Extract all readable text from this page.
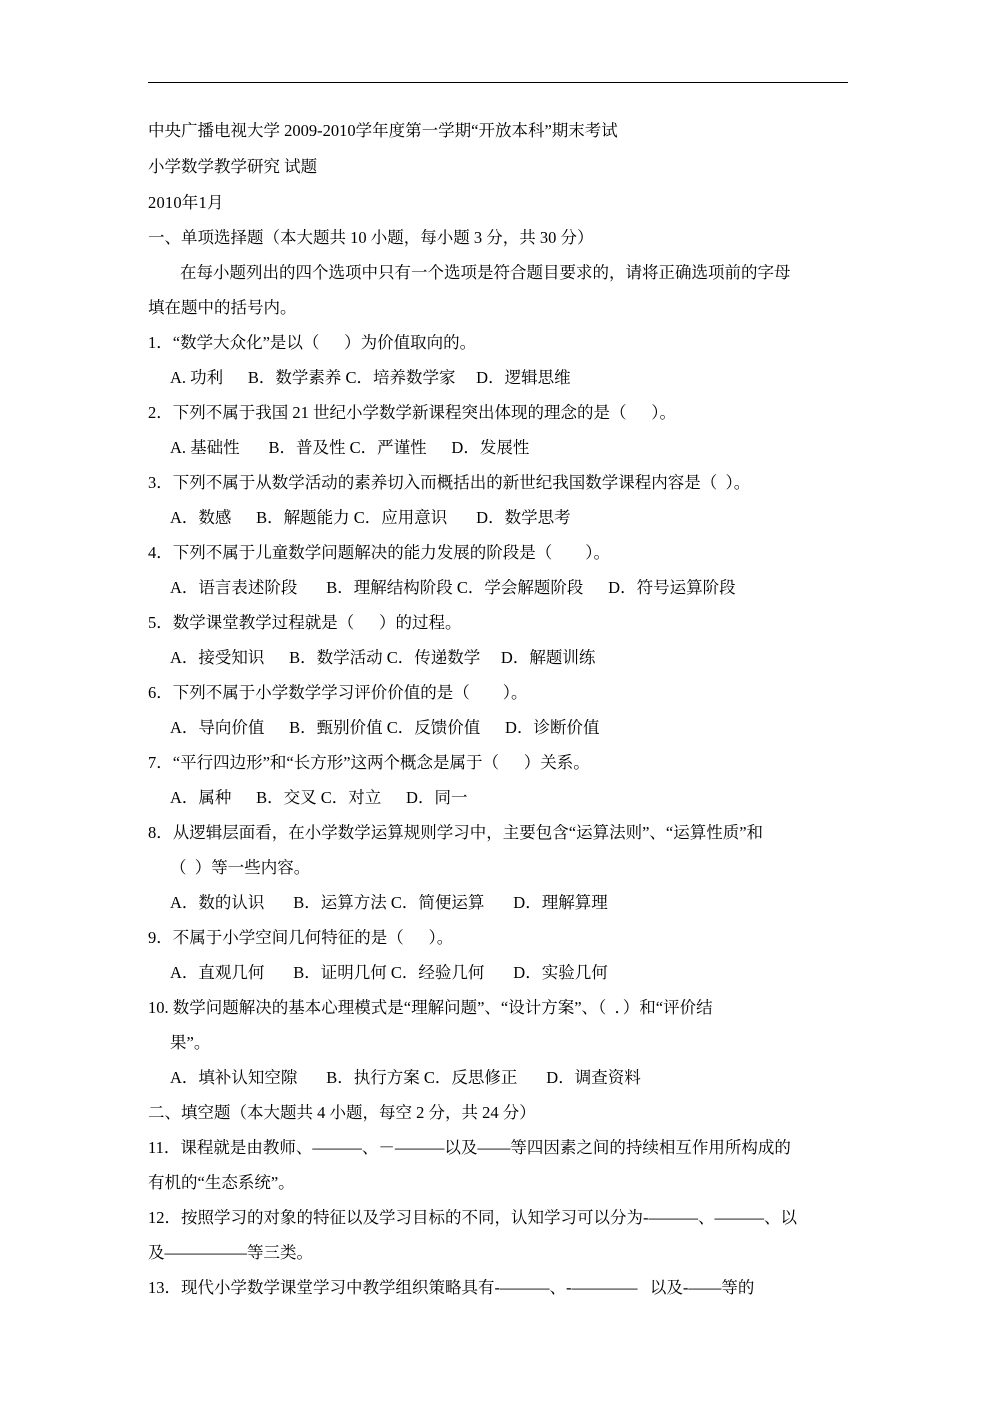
中央广播电视大学 2009-2010学年度第一学期“开放本科”期末考试
小学数学教学研究 试题
2010年1月
一、单项选择题（本大题共 10 小题，每小题 3 分，共 30 分）
在每小题列出的四个选项中只有一个选项是符合题目要求的，请将正确选项前的字母
填在题中的括号内。
1．“数学大众化”是以（      ）为价值取向的。
A. 功利      B．数学素养 C．培养数学家     D．逻辑思维
2．下列不属于我国 21 世纪小学数学新课程突出体现的理念的是（      ）。
A. 基础性       B．普及性 C．严谨性      D．发展性
3．下列不属于从数学活动的素养切入而概括出的新世纪我国数学课程内容是（  ）。
A．数感      B．解题能力 C．应用意识       D．数学思考
4．下列不属于儿童数学问题解决的能力发展的阶段是（        ）。
A．语言表述阶段       B．理解结构阶段 C．学会解题阶段      D．符号运算阶段
5．数学课堂教学过程就是（      ）的过程。
A．接受知识      B．数学活动 C．传递数学     D．解题训练
6．下列不属于小学数学学习评价价值的是（        ）。
A．导向价值      B．甄别价值 C．反馈价值      D．诊断价值
7．“平行四边形”和“长方形”这两个概念是属于（      ）关系。
A．属种      B．交叉 C．对立      D．同一
8．从逻辑层面看，在小学数学运算规则学习中，主要包含“运算法则”、“运算性质”和
（  ）等一些内容。
A．数的认识       B．运算方法 C．简便运算       D．理解算理
9．不属于小学空间几何特征的是（      ）。
A．直观几何       B．证明几何 C．经验几何       D．实验几何
10. 数学问题解决的基本心理模式是“理解问题”、“设计方案”、（  ．）和“评价结
果”。
A．填补认知空隙       B．执行方案 C．反思修正       D．调查资料
二、填空题（本大题共 4 小题，每空 2 分，共 24 分）
11．课程就是由教师、———、－———以及——等四因素之间的持续相互作用所构成的
有机的“生态系统”。
12．按照学习的对象的特征以及学习目标的不同，认知学习可以分为-———、———、以
及—————等三类。
13．现代小学数学课堂学习中教学组织策略具有-———、-————   以及-——等的
